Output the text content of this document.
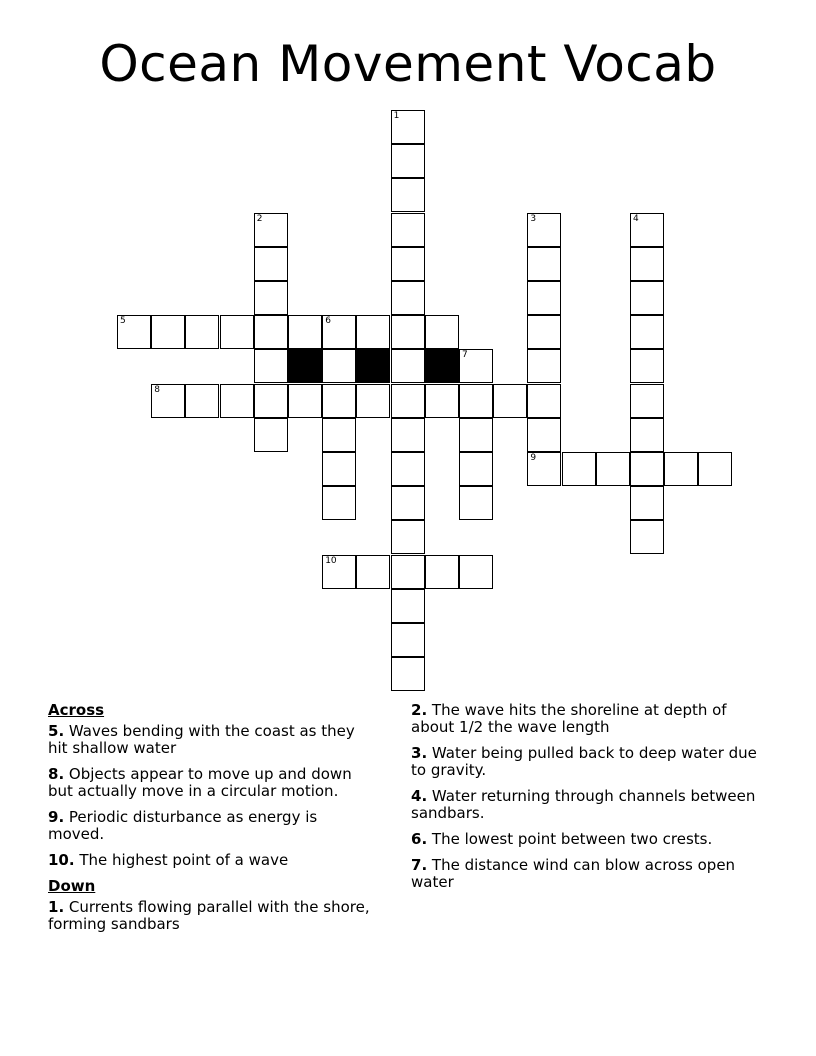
Ocean Movement Vocab
1
2	3
9
4
5	6
7
8
10
Across
5. Waves bending with the coast as they hit shallow water
8. Objects appear to move up and down but actually move in a circular motion.
9. Periodic disturbance as energy is moved.
10. The highest point of a wave
Down
1. Currents flowing parallel with the shore, forming sandbars
2. The wave hits the shoreline at depth of about 1/2 the wave length
3. Water being pulled back to deep water due to gravity.
4. Water returning through channels between sandbars.
6. The lowest point between two crests.
7. The distance wind can blow across open water
